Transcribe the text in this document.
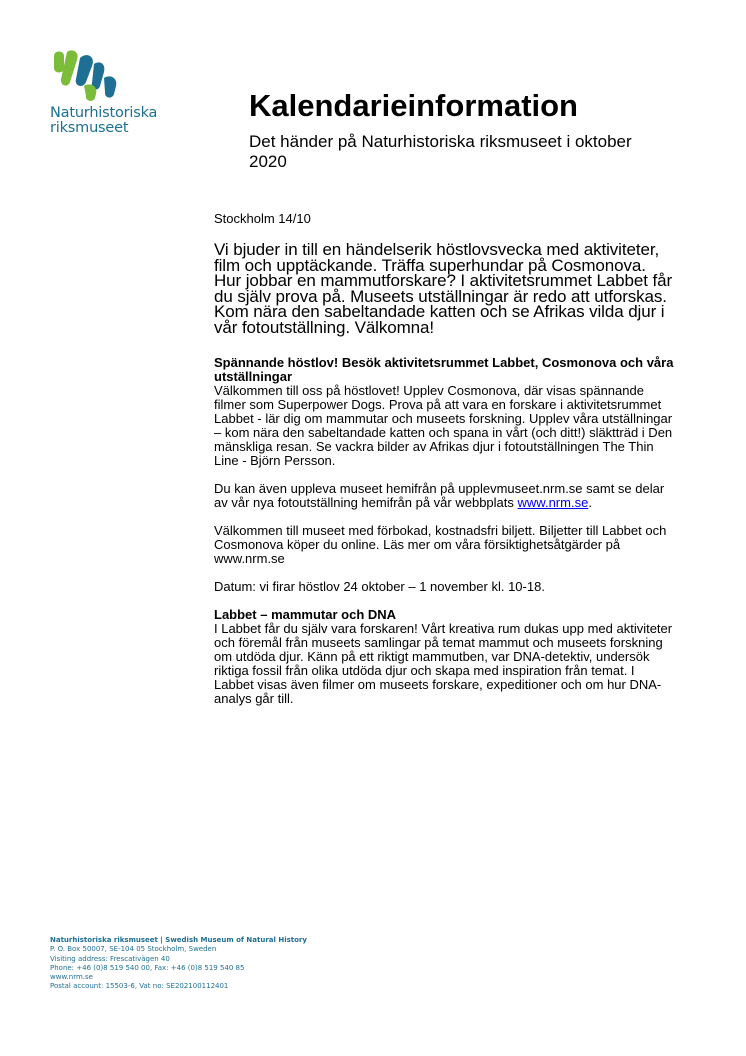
Naturhistoriska
riksmuseet
Kalendarieinformation

Det händer på Naturhistoriska riksmuseet i oktober 2020

Stockholm 14/10

Vi bjuder in till en händelserik höstlovsvecka med aktiviteter, film och upptäckande. Träffa superhundar på Cosmonova. Hur jobbar en mammutforskare? I aktivitetsrummet Labbet får du själv prova på. Museets utställningar är redo att utforskas. Kom nära den sabeltandade katten och se Afrikas vilda djur i vår fotoutställning. Välkomna!

Spännande höstlov! Besök aktivitetsrummet Labbet, Cosmonova och våra utställningar

Välkommen till oss på höstlovet! Upplev Cosmonova, där visas spännande filmer som Superpower Dogs. Prova på att vara en forskare i aktivitetsrummet Labbet - lär dig om mammutar och museets forskning. Upplev våra utställningar – kom nära den sabeltandade katten och spana in vårt (och ditt!) släktträd i Den mänskliga resan. Se vackra bilder av Afrikas djur i fotoutställningen The Thin Line - Björn Persson.

Du kan även uppleva museet hemifrån på upplevmuseet.nrm.se samt se delar av vår nya fotoutställning hemifrån på vår webbplats www.nrm.se.

Välkommen till museet med förbokad, kostnadsfri biljett. Biljetter till Labbet och Cosmonova köper du online. Läs mer om våra försiktighetsåtgärder på www.nrm.se

Datum: vi firar höstlov 24 oktober – 1 november kl. 10-18.

Labbet – mammutar och DNA

I Labbet får du själv vara forskaren! Vårt kreativa rum dukas upp med aktiviteter och föremål från museets samlingar på temat mammut och museets forskning om utdöda djur. Känn på ett riktigt mammutben, var DNA-detektiv, undersök riktiga fossil från olika utdöda djur och skapa med inspiration från temat. I Labbet visas även filmer om museets forskare, expeditioner och om hur DNA-analys går till.

Naturhistoriska riksmuseet | Swedish Museum of Natural History
P. O. Box 50007, SE-104 05 Stockholm, Sweden
Visiting address: Frescativägen 40
Phone: +46 (0)8 519 540 00, Fax: +46 (0)8 519 540 85
www.nrm.se
Postal account: 15503-6, Vat no: SE202100112401
